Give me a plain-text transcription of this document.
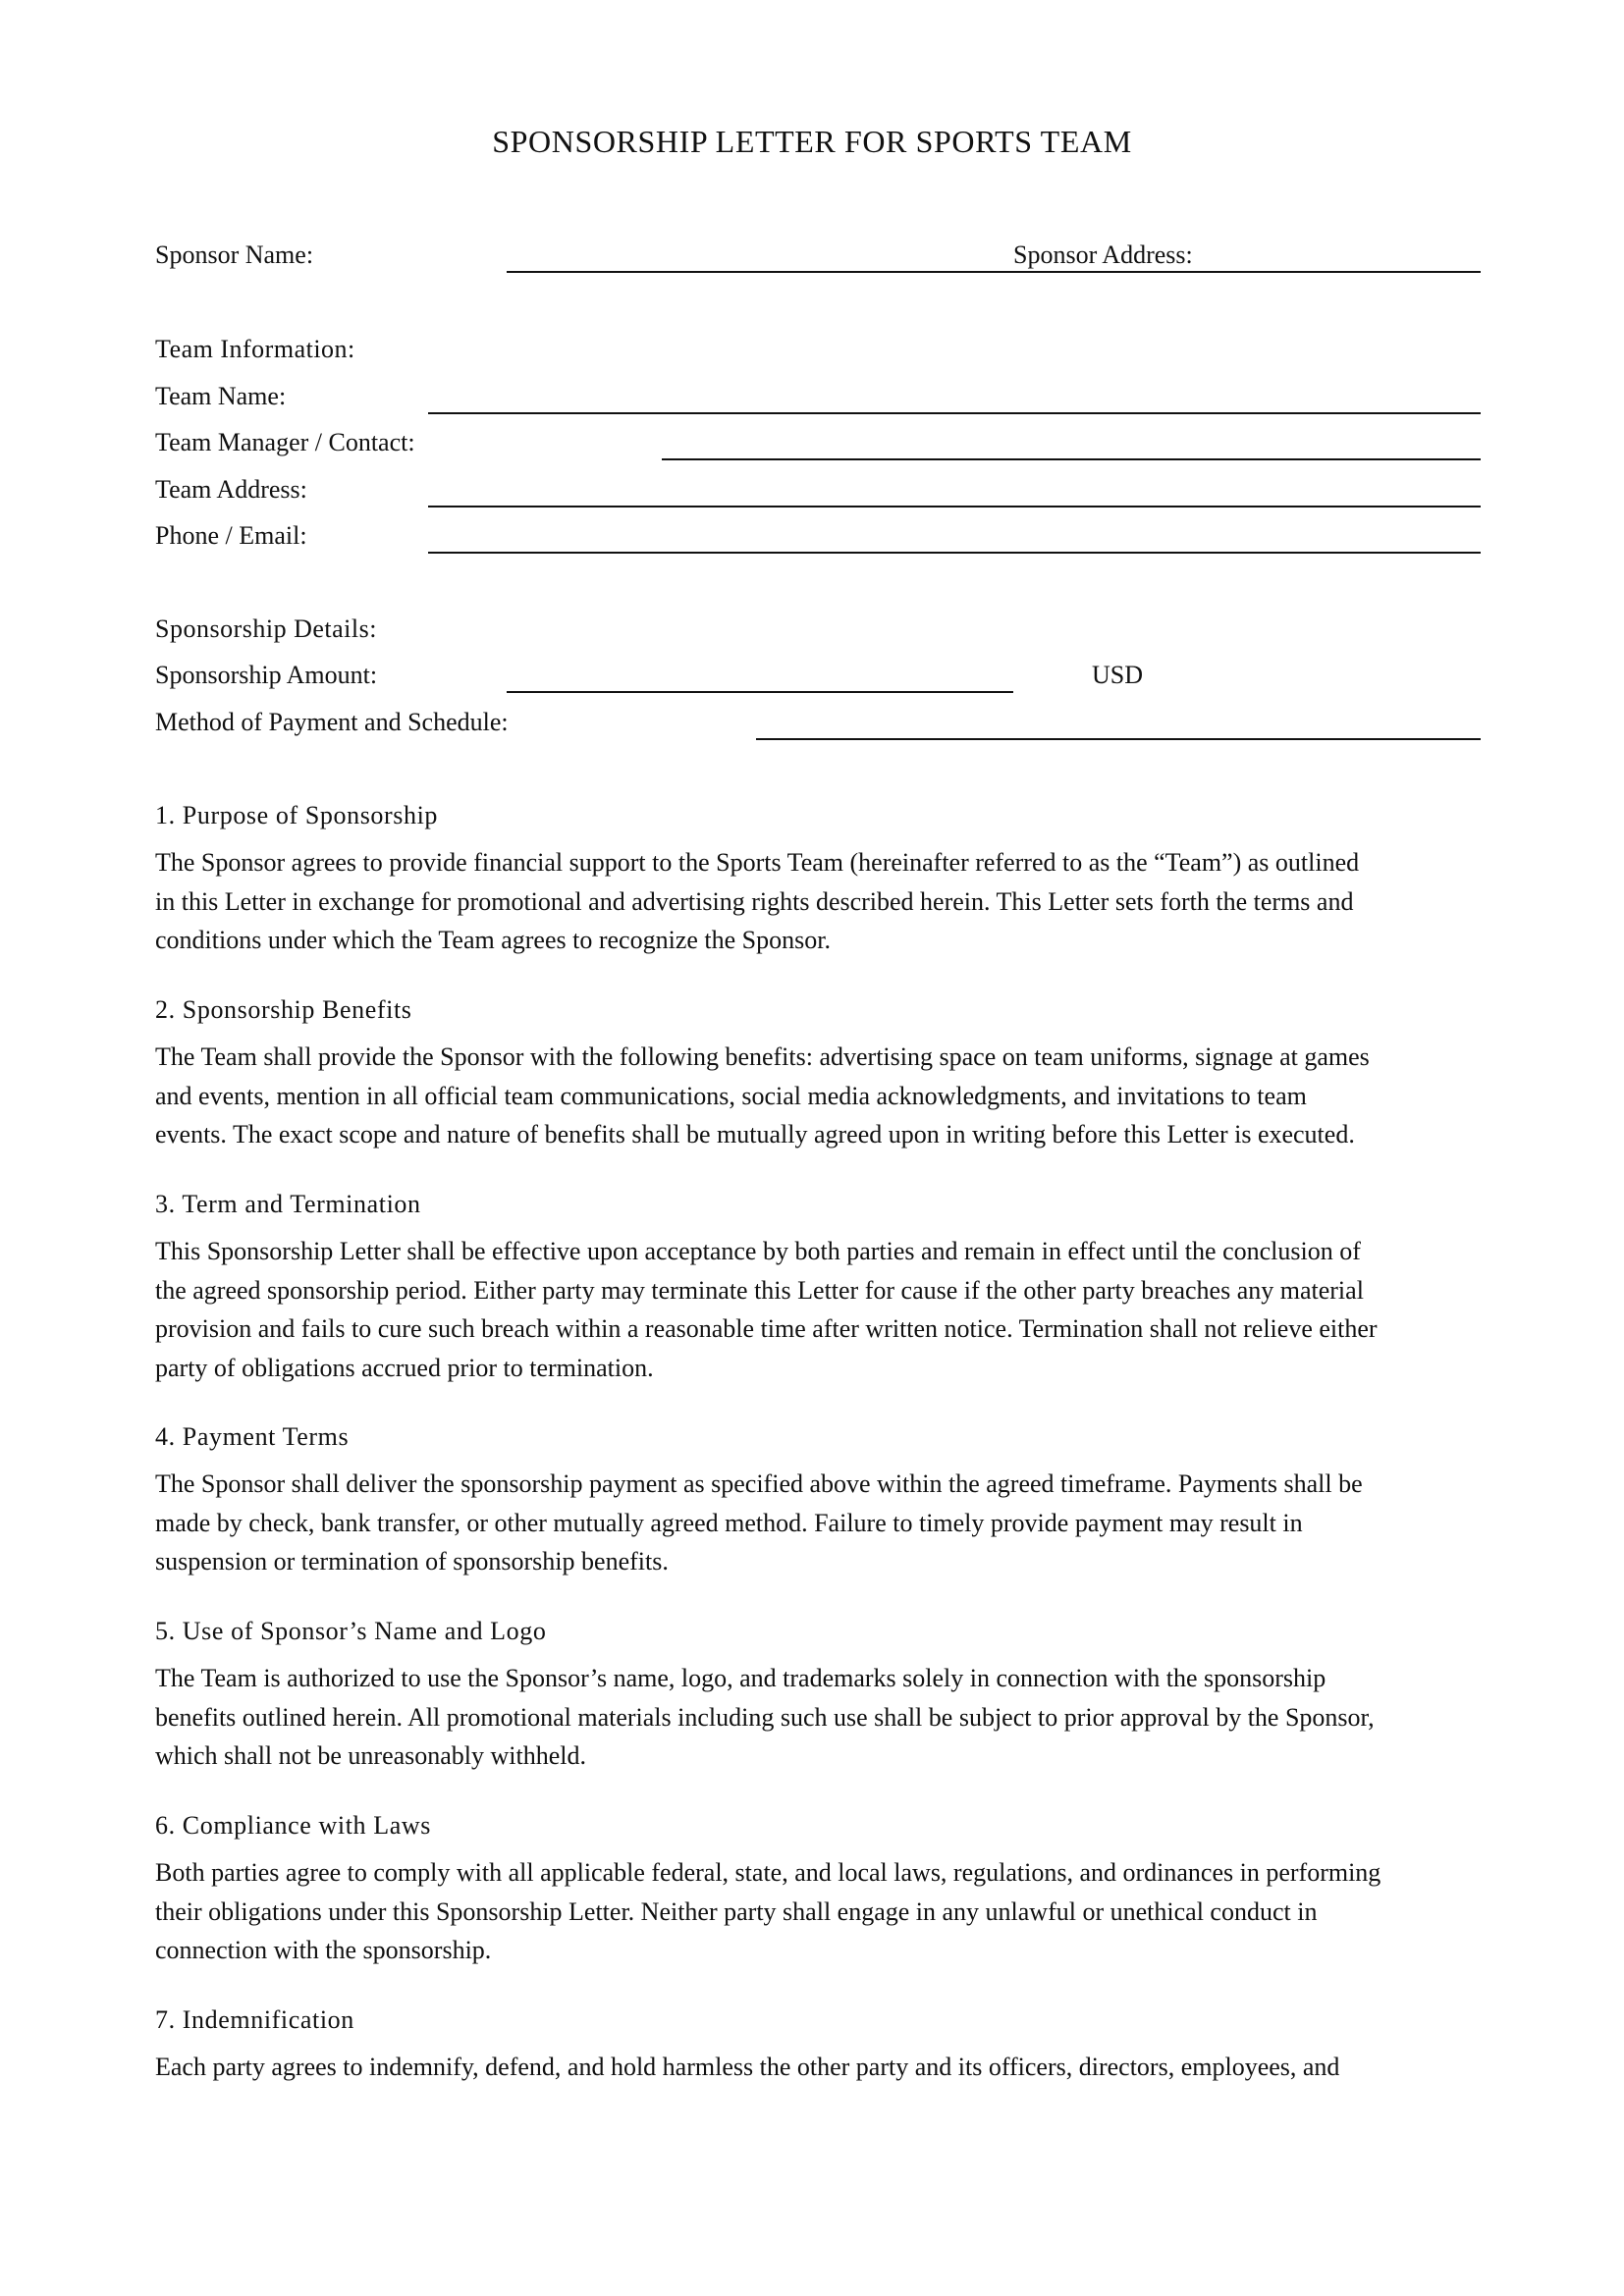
SPONSORSHIP LETTER FOR SPORTS TEAM
Sponsor Name:	Sponsor Address:
Team Information:
Team Name:
Team Manager / Contact:
Team Address:
Phone / Email:
Sponsorship Details:
Sponsorship Amount:	USD
Method of Payment and Schedule:
1. Purpose of Sponsorship
The Sponsor agrees to provide financial support to the Sports Team (hereinafter referred to as the “Team”) as outlined
in this Letter in exchange for promotional and advertising rights described herein. This Letter sets forth the terms and
conditions under which the Team agrees to recognize the Sponsor.
2. Sponsorship Benefits
The Team shall provide the Sponsor with the following benefits: advertising space on team uniforms, signage at games
and events, mention in all official team communications, social media acknowledgments, and invitations to team
events. The exact scope and nature of benefits shall be mutually agreed upon in writing before this Letter is executed.
3. Term and Termination
This Sponsorship Letter shall be effective upon acceptance by both parties and remain in effect until the conclusion of
the agreed sponsorship period. Either party may terminate this Letter for cause if the other party breaches any material
provision and fails to cure such breach within a reasonable time after written notice. Termination shall not relieve either
party of obligations accrued prior to termination.
4. Payment Terms
The Sponsor shall deliver the sponsorship payment as specified above within the agreed timeframe. Payments shall be
made by check, bank transfer, or other mutually agreed method. Failure to timely provide payment may result in
suspension or termination of sponsorship benefits.
5. Use of Sponsor’s Name and Logo
The Team is authorized to use the Sponsor’s name, logo, and trademarks solely in connection with the sponsorship
benefits outlined herein. All promotional materials including such use shall be subject to prior approval by the Sponsor,
which shall not be unreasonably withheld.
6. Compliance with Laws
Both parties agree to comply with all applicable federal, state, and local laws, regulations, and ordinances in performing
their obligations under this Sponsorship Letter. Neither party shall engage in any unlawful or unethical conduct in
connection with the sponsorship.
7. Indemnification
Each party agrees to indemnify, defend, and hold harmless the other party and its officers, directors, employees, and
